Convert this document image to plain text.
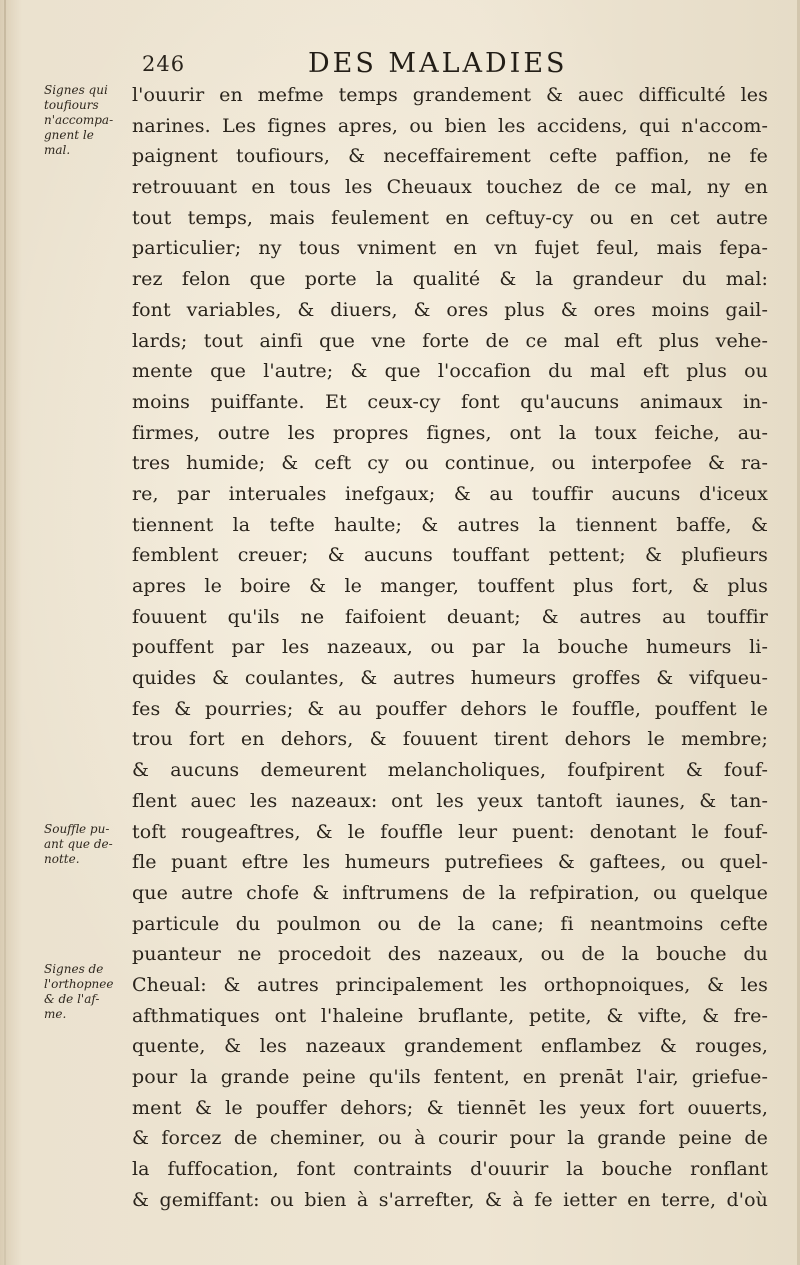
246	DES MALADIES
Signes qui
toufiours
n'accompa-
gnent le
mal.
Souffle pu-
ant que de-
notte.
Signes de
l'orthopnee
& de l'af-
me.
l'ouurir en mefme temps grandement & auec difficulté les
narines. Les fignes apres, ou bien les accidens, qui n'accom-
paignent toufiours, & neceffairement cefte paffion, ne fe
retrouuant en tous les Cheuaux touchez de ce mal, ny en
tout temps, mais feulement en ceftuy-cy ou en cet autre
particulier; ny tous vniment en vn fujet feul, mais fepa-
rez felon que porte la qualité & la grandeur du mal:
font variables, & diuers, & ores plus & ores moins gail-
lards; tout ainfi que vne forte de ce mal eft plus vehe-
mente que l'autre; & que l'occafion du mal eft plus ou
moins puiffante. Et ceux-cy font qu'aucuns animaux in-
firmes, outre les propres fignes, ont la toux feiche, au-
tres humide; & ceft cy ou continue, ou interpofee & ra-
re, par interuales inefgaux; & au touffir aucuns d'iceux
tiennent la tefte haulte; & autres la tiennent baffe, &
femblent creuer; & aucuns touffant pettent; & plufieurs
apres le boire & le manger, touffent plus fort, & plus
fouuent qu'ils ne faifoient deuant; & autres au touffir
pouffent par les nazeaux, ou par la bouche humeurs li-
quides & coulantes, & autres humeurs groffes & vifqueu-
fes & pourries; & au pouffer dehors le fouffle, pouffent le
trou fort en dehors, & fouuent tirent dehors le membre;
& aucuns demeurent melancholiques, foufpirent & fouf-
flent auec les nazeaux: ont les yeux tantoft iaunes, & tan-
toft rougeaftres, & le fouffle leur puent: denotant le fouf-
fle puant eftre les humeurs putrefiees & gaftees, ou quel-
que autre chofe & inftrumens de la refpiration, ou quelque
particule du poulmon ou de la cane; fi neantmoins cefte
puanteur ne procedoit des nazeaux, ou de la bouche du
Cheual: & autres principalement les orthopnoiques, & les
afthmatiques ont l'haleine bruflante, petite, & vifte, & fre-
quente, & les nazeaux grandement enflambez & rouges,
pour la grande peine qu'ils fentent, en prenāt l'air, griefue-
ment & le pouffer dehors; & tiennēt les yeux fort ouuerts,
& forcez de cheminer, ou à courir pour la grande peine de
la fuffocation, font contraints d'ouurir la bouche ronflant
& gemiffant: ou bien à s'arrefter, & à fe ietter en terre, d'où
